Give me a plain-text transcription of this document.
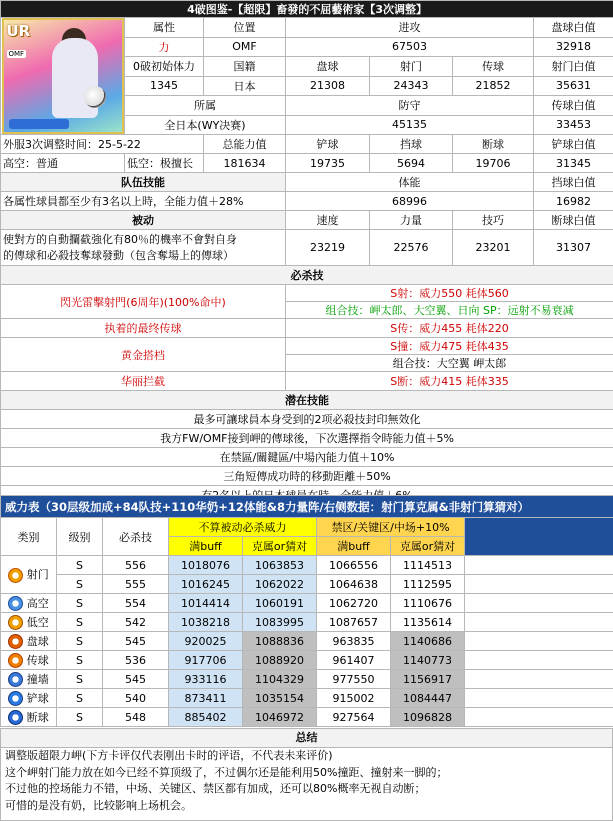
4破图鉴-【超限】畜發的不屈藝術家【3次调整】						

UR
OMF	属性	位置	进攻			盘球白值
	力	OMF	67503			32918
	0破初始体力	国籍	盘球	射门	传球	射门白值
	1345	日本	21308	24343	21852	35631
	所属		防守			传球白值
	全日本(WY决赛)		45135			33453
外服3次调整时间：25-5-22		总能力值	铲球	挡球	断球	铲球白值
高空：普通	低空：极擅长	181634	19735	5694	19706	31345
队伍技能			体能			挡球白值
各属性球員都至少有3名以上時，全能力值＋28%			68996			16982
被动			速度	力量	技巧	断球白值

使對方的自動攔截強化有80％的機率不會對自身
的傳球和必殺技奪球發動（包含奪場上的傳球）			23219	22576	23201	31307
必杀技						
閃光雷擊射門(6周年)(100%命中)			S射：威力550 耗体560			
			组合技：岬太郎、大空翼、日向 SP：远射不易衰减			
执着的最终传球			S传：威力455 耗体220			
黄金搭档			S撞：威力475 耗体435			
			组合技：大空翼 岬太郎			
华丽拦截			S断：威力415 耗体335			
潜在技能						
最多可讓球員本身受到的2项必殺技封印無效化						
我方FW/OMF接到岬的傳球後，下次選擇指令時能力值＋5%						
在禁區/關鍵區/中場內能力值＋10%						
三角短傳成功時的移動距離＋50%						

威力表（30层级加成+84队技+110华奶+12体能&8力量阵/右侧数据：射门算克属&非射门算猜对）							
类别	级别	必杀技	不算被动必杀威力		禁区/关键区/中场+10%		
			满buff	克属or猜对	满buff	克属or猜对	
射门	S	556	1018076	1063853	1066556	1114513	
	S	555	1016245	1062022	1064638	1112595	
高空	S	554	1014414	1060191	1062720	1110676	
低空	S	542	1038218	1083995	1087657	1135614	
盘球	S	545	920025	1088836	963835	1140686	
传球	S	536	917706	1088920	961407	1140773	
撞墙	S	545	933116	1104329	977550	1156917	
铲球	S	540	873411	1035154	915002	1084447	
断球	S	548	885402	1046972	927564	1096828	
总结
调整版超限力岬(下方卡评仅代表刚出卡时的评语，不代表未来评价)
这个岬射门能力放在如今已经不算顶级了，不过偶尔还是能利用50%撞距、撞射来一脚的；
不过他的控场能力不错，中场、关键区、禁区都有加成，还可以80%概率无视自动断；
可惜的是没有奶，比较影响上场机会。
